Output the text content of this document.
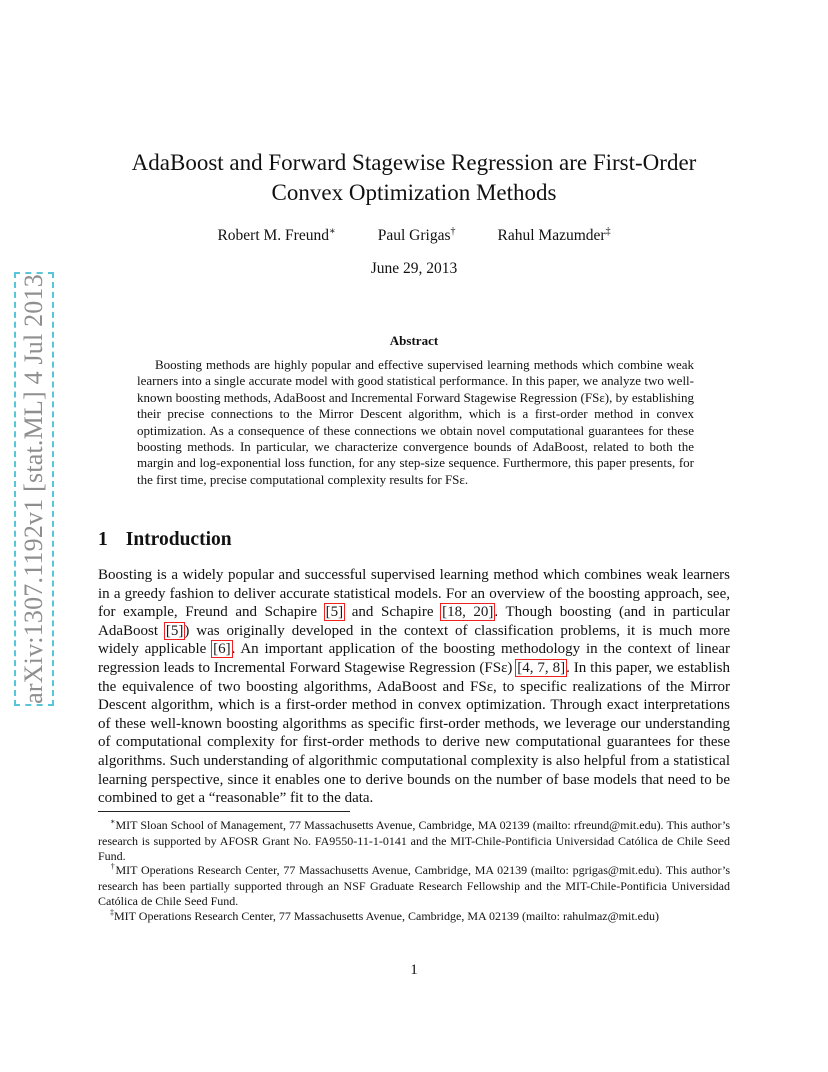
arXiv:1307.1192v1 [stat.ML] 4 Jul 2013
AdaBoost and Forward Stagewise Regression are First-Order
Convex Optimization Methods
Robert M. Freund∗	Paul Grigas†	Rahul Mazumder‡
June 29, 2013
Abstract

Boosting methods are highly popular and effective supervised learning methods which combine weak learners into a single accurate model with good statistical performance. In this paper, we analyze two well-known boosting methods, AdaBoost and Incremental Forward Stagewise Regression (FSε), by establishing their precise connections to the Mirror Descent algorithm, which is a first-order method in convex optimization. As a consequence of these connections we obtain novel computational guarantees for these boosting methods. In particular, we characterize convergence bounds of AdaBoost, related to both the margin and log-exponential loss function, for any step-size sequence. Furthermore, this paper presents, for the first time, precise computational complexity results for FSε.

1 Introduction

Boosting is a widely popular and successful supervised learning method which combines weak learners in a greedy fashion to deliver accurate statistical models. For an overview of the boosting approach, see, for example, Freund and Schapire [5] and Schapire [18, 20]. Though boosting (and in particular AdaBoost [5]) was originally developed in the context of classification problems, it is much more widely applicable [6]. An important application of the boosting methodology in the context of linear regression leads to Incremental Forward Stagewise Regression (FSε) [4, 7, 8]. In this paper, we establish the equivalence of two boosting algorithms, AdaBoost and FSε, to specific realizations of the Mirror Descent algorithm, which is a first-order method in convex optimization. Through exact interpretations of these well-known boosting algorithms as specific first-order methods, we leverage our understanding of computational complexity for first-order methods to derive new computational guarantees for these algorithms. Such understanding of algorithmic computational complexity is also helpful from a statistical learning perspective, since it enables one to derive bounds on the number of base models that need to be combined to get a “reasonable” fit to the data.

∗MIT Sloan School of Management, 77 Massachusetts Avenue, Cambridge, MA 02139 (mailto: rfreund@mit.edu). This author’s research is supported by AFOSR Grant No. FA9550-11-1-0141 and the MIT-Chile-Pontificia Universidad Católica de Chile Seed Fund.

†MIT Operations Research Center, 77 Massachusetts Avenue, Cambridge, MA 02139 (mailto: pgrigas@mit.edu). This author’s research has been partially supported through an NSF Graduate Research Fellowship and the MIT-Chile-Pontificia Universidad Católica de Chile Seed Fund.

‡MIT Operations Research Center, 77 Massachusetts Avenue, Cambridge, MA 02139 (mailto: rahulmaz@mit.edu)

1
